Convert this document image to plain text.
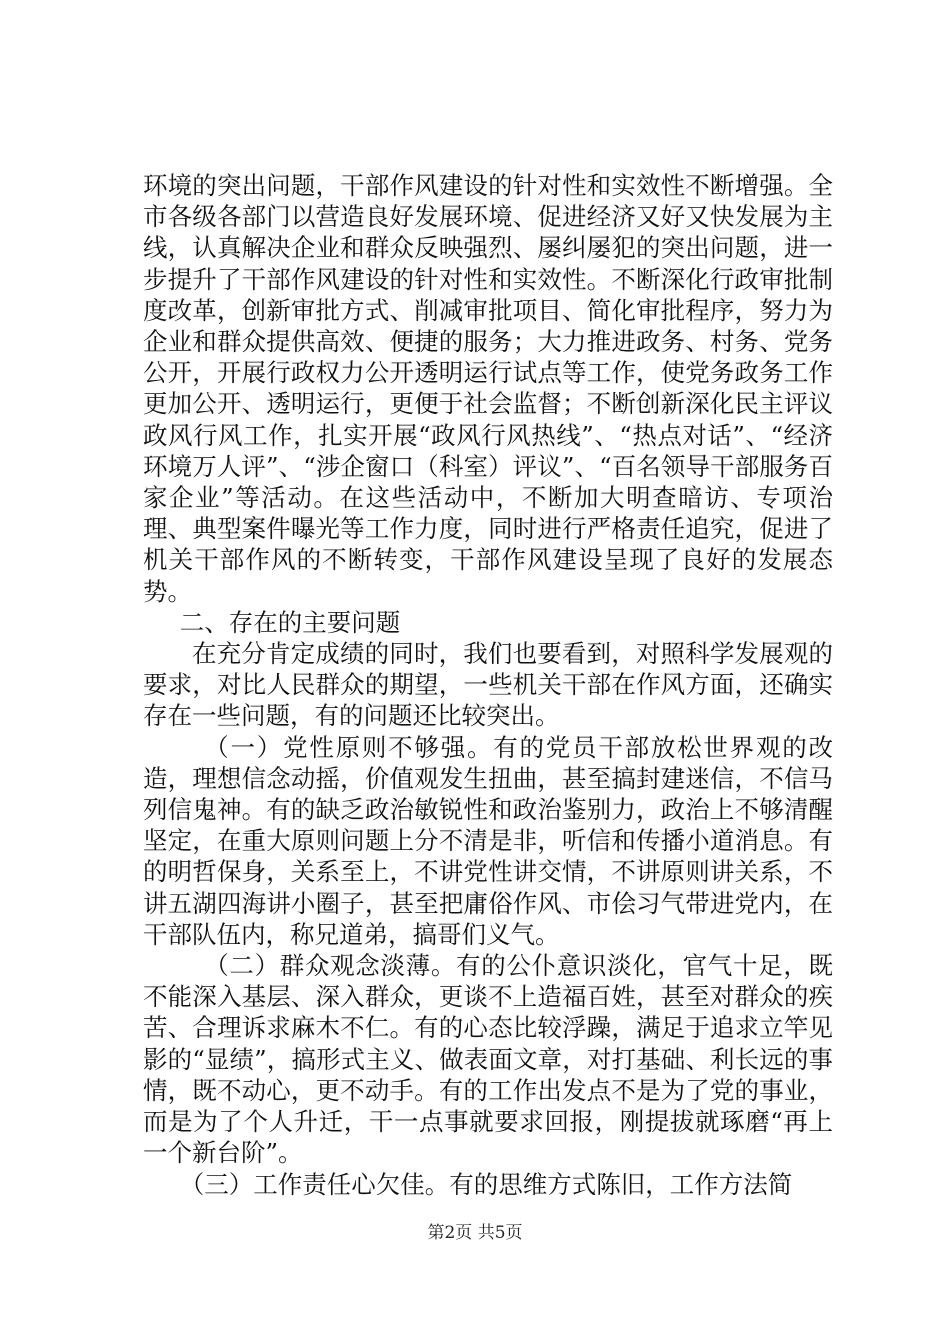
环境的突出问题，干部作风建设的针对性和实效性不断增强。全市各级各部门以营造良好发展环境、促进经济又好又快发展为主线，认真解决企业和群众反映强烈、屡纠屡犯的突出问题，进一步提升了干部作风建设的针对性和实效性。不断深化行政审批制度改革，创新审批方式、削减审批项目、简化审批程序，努力为企业和群众提供高效、便捷的服务；大力推进政务、村务、党务公开，开展行政权力公开透明运行试点等工作，使党务政务工作更加公开、透明运行，更便于社会监督；不断创新深化民主评议政风行风工作，扎实开展“政风行风热线”、“热点对话”、“经济环境万人评”、“涉企窗口（科室）评议”、“百名领导干部服务百家企业”等活动。在这些活动中，不断加大明查暗访、专项治理、典型案件曝光等工作力度，同时进行严格责任追究，促进了机关干部作风的不断转变，干部作风建设呈现了良好的发展态势。

二、存在的主要问题

在充分肯定成绩的同时，我们也要看到，对照科学发展观的要求，对比人民群众的期望，一些机关干部在作风方面，还确实存在一些问题，有的问题还比较突出。

（一）党性原则不够强。有的党员干部放松世界观的改造，理想信念动摇，价值观发生扭曲，甚至搞封建迷信，不信马列信鬼神。有的缺乏政治敏锐性和政治鉴别力，政治上不够清醒坚定，在重大原则问题上分不清是非，听信和传播小道消息。有的明哲保身，关系至上，不讲党性讲交情，不讲原则讲关系，不讲五湖四海讲小圈子，甚至把庸俗作风、市侩习气带进党内，在干部队伍内，称兄道弟，搞哥们义气。

（二）群众观念淡薄。有的公仆意识淡化，官气十足，既不能深入基层、深入群众，更谈不上造福百姓，甚至对群众的疾苦、合理诉求麻木不仁。有的心态比较浮躁，满足于追求立竿见影的“显绩”，搞形式主义、做表面文章，对打基础、利长远的事情，既不动心，更不动手。有的工作出发点不是为了党的事业，而是为了个人升迁，干一点事就要求回报，刚提拔就琢磨“再上一个新台阶”。

（三）工作责任心欠佳。有的思维方式陈旧，工作方法简

第2页 共5页
